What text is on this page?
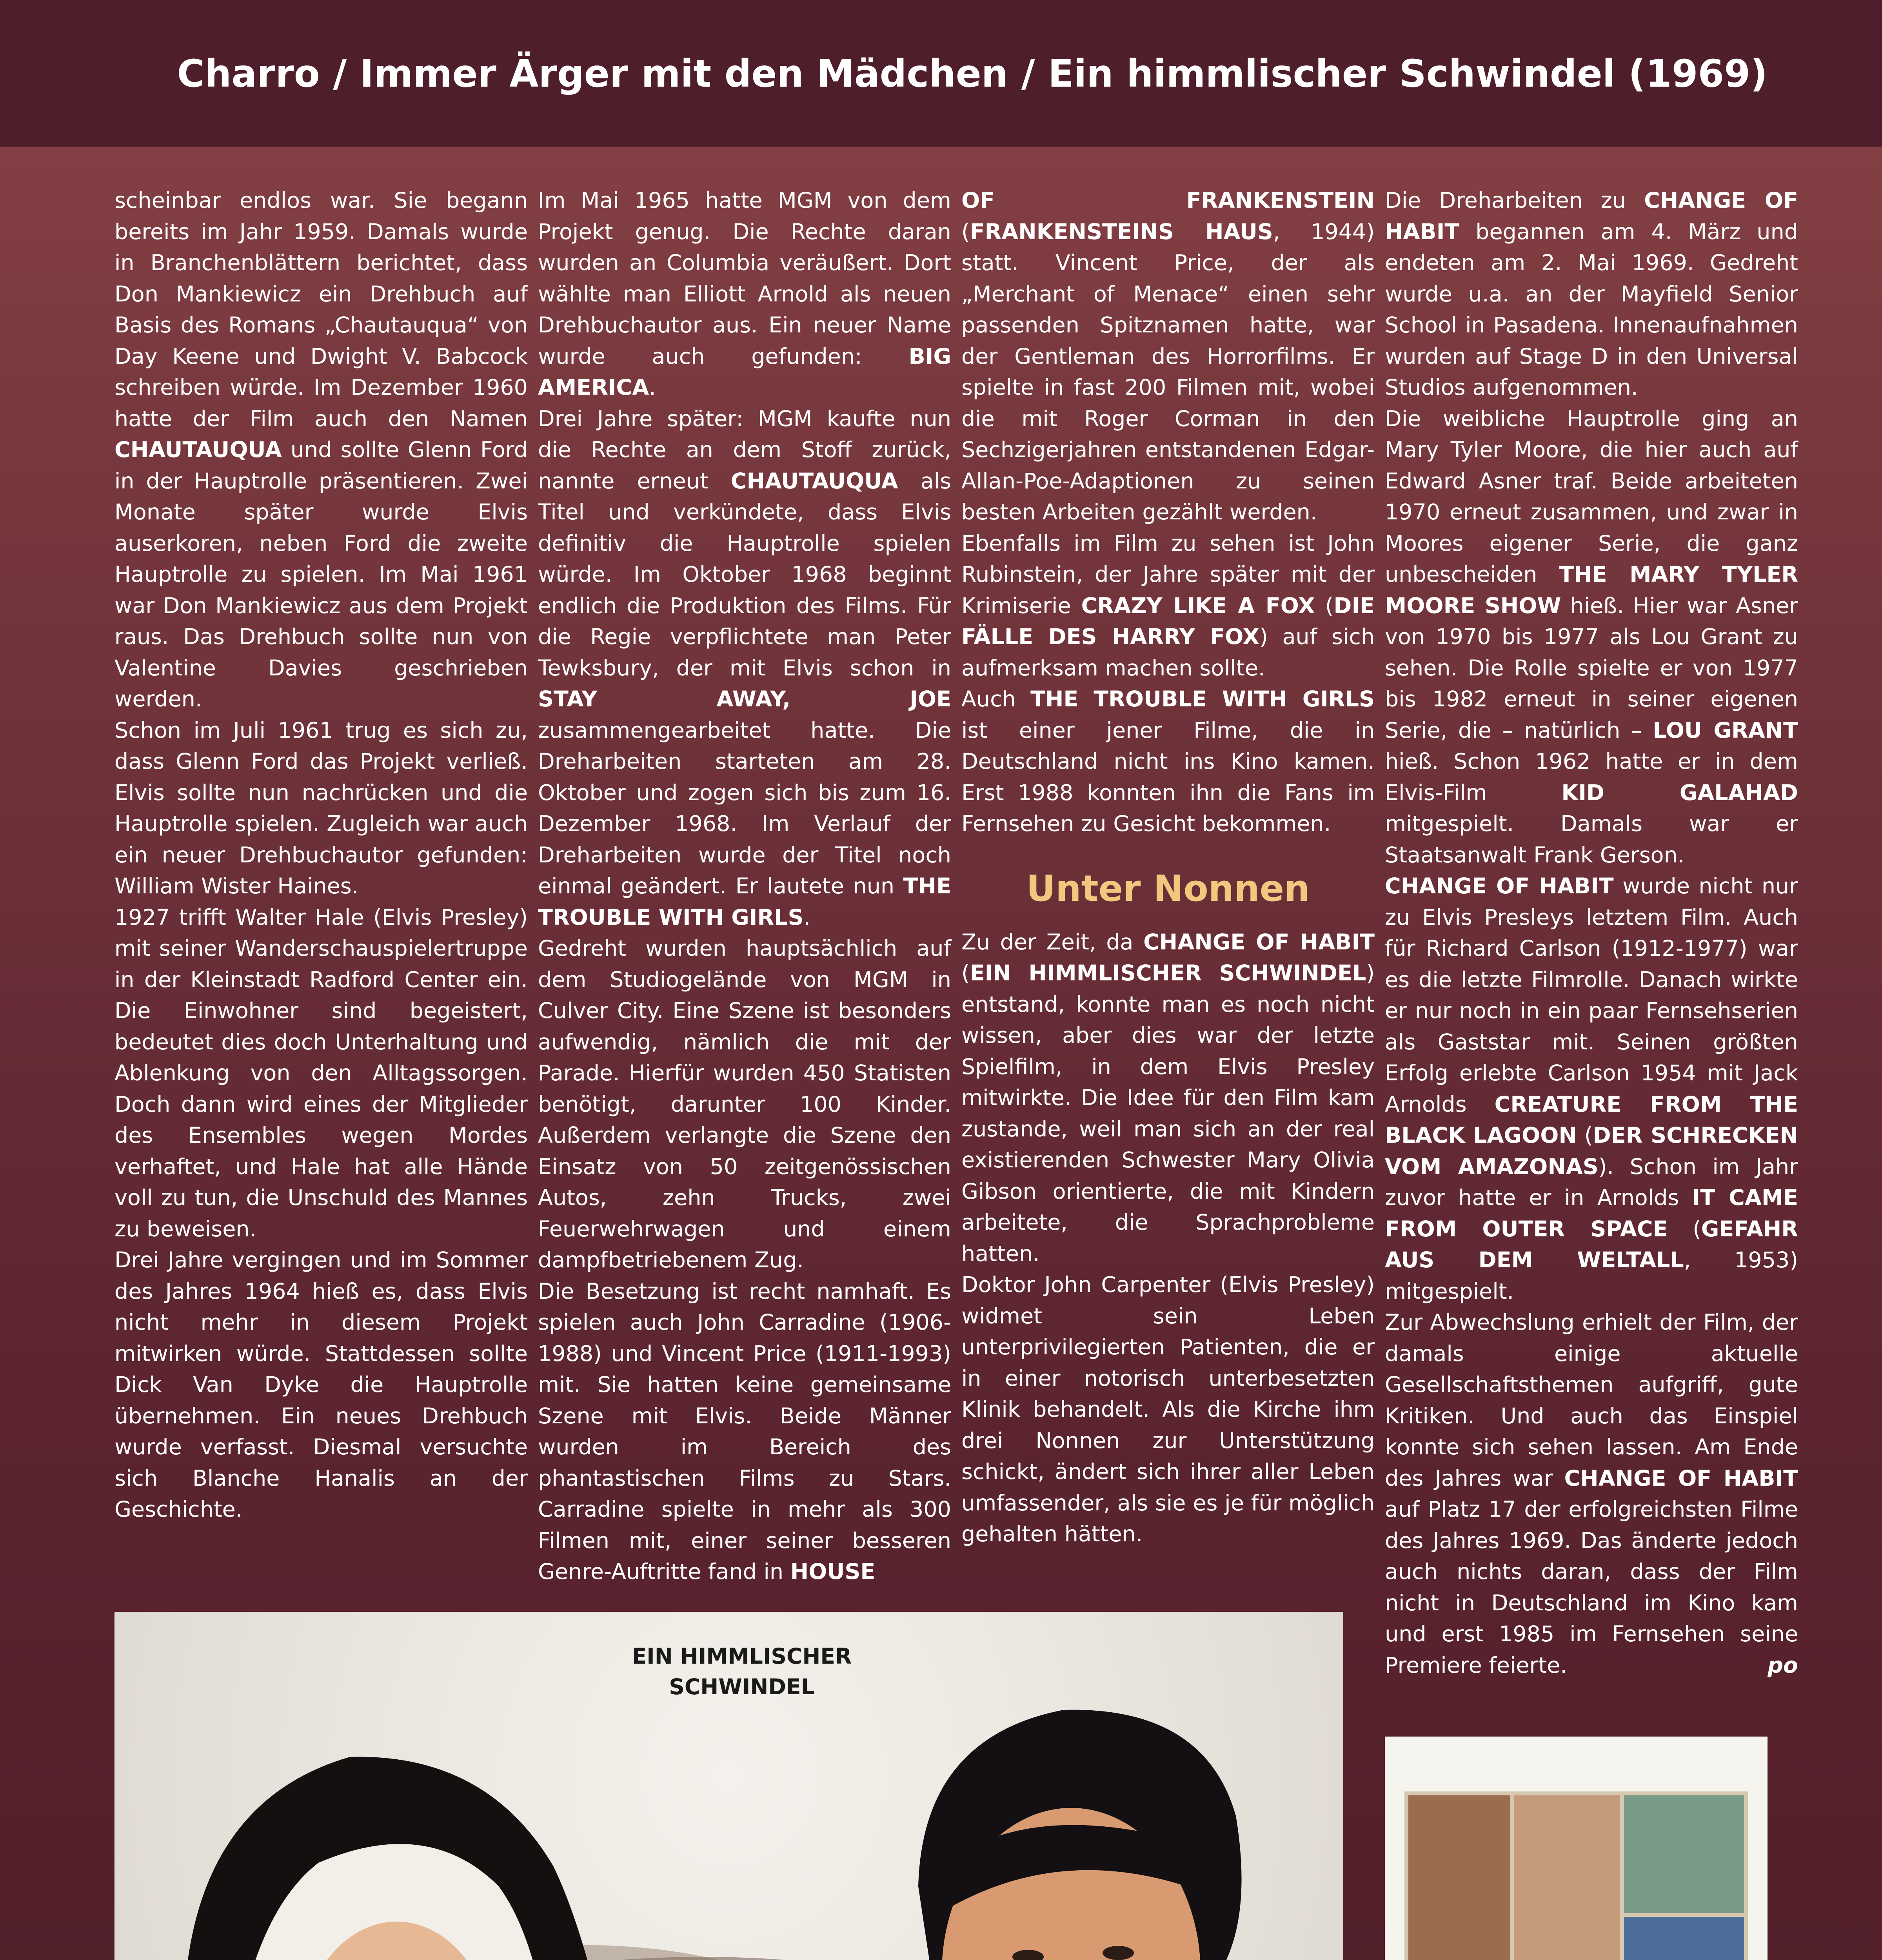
Charro / Immer Ärger mit den Mädchen / Ein himmlischer Schwindel (1969)

scheinbar endlos war. Sie begann bereits im Jahr 1959. Damals wurde in Branchenblättern berichtet, dass Don Mankiewicz ein Drehbuch auf Basis des Romans „Chautauqua“ von Day Keene und Dwight V. Babcock schreiben würde. Im Dezember 1960 hatte der Film auch den Namen CHAUTAUQUA und sollte Glenn Ford in der Hauptrolle präsentieren. Zwei Monate später wurde Elvis auserkoren, neben Ford die zweite Hauptrolle zu spielen. Im Mai 1961 war Don Mankiewicz aus dem Projekt raus. Das Drehbuch sollte nun von Valentine Davies geschrieben werden.

Schon im Juli 1961 trug es sich zu, dass Glenn Ford das Projekt verließ. Elvis sollte nun nachrücken und die Hauptrolle spielen. Zugleich war auch ein neuer Drehbuchautor gefunden: William Wister Haines.

1927 trifft Walter Hale (Elvis Presley) mit seiner Wanderschauspielertruppe in der Kleinstadt Radford Center ein. Die Einwohner sind begeistert, bedeutet dies doch Unterhaltung und Ablenkung von den Alltagssorgen. Doch dann wird eines der Mitglieder des Ensembles wegen Mordes verhaftet, und Hale hat alle Hände voll zu tun, die Unschuld des Mannes zu beweisen.

Drei Jahre vergingen und im Sommer des Jahres 1964 hieß es, dass Elvis nicht mehr in diesem Projekt mitwirken würde. Stattdessen sollte Dick Van Dyke die Hauptrolle übernehmen. Ein neues Drehbuch wurde verfasst. Diesmal versuchte sich Blanche Hanalis an der Geschichte.

Im Mai 1965 hatte MGM von dem Projekt genug. Die Rechte daran wurden an Columbia veräußert. Dort wählte man Elliott Arnold als neuen Drehbuchautor aus. Ein neuer Name wurde auch gefunden: BIG AMERICA.

Drei Jahre später: MGM kaufte nun die Rechte an dem Stoff zurück, nannte erneut CHAUTAUQUA als Titel und verkündete, dass Elvis definitiv die Hauptrolle spielen würde. Im Oktober 1968 beginnt endlich die Produktion des Films. Für die Regie verpflichtete man Peter Tewksbury, der mit Elvis schon in STAY AWAY, JOE zusammengearbeitet hatte. Die Dreharbeiten starteten am 28. Oktober und zogen sich bis zum 16. Dezember 1968. Im Verlauf der Dreharbeiten wurde der Titel noch einmal geändert. Er lautete nun THE TROUBLE WITH GIRLS.

Gedreht wurden hauptsächlich auf dem Studiogelände von MGM in Culver City. Eine Szene ist besonders aufwendig, nämlich die mit der Parade. Hierfür wurden 450 Statisten benötigt, darunter 100 Kinder. Außerdem verlangte die Szene den Einsatz von 50 zeitgenössischen Autos, zehn Trucks, zwei Feuerwehrwagen und einem dampfbetriebenem Zug.

Die Besetzung ist recht namhaft. Es spielen auch John Carradine (1906-1988) und Vincent Price (1911-1993) mit. Sie hatten keine gemeinsame Szene mit Elvis. Beide Männer wurden im Bereich des phantastischen Films zu Stars. Carradine spielte in mehr als 300 Filmen mit, einer seiner besseren Genre-Auftritte fand in HOUSE

OF FRANKENSTEIN (FRANKENSTEINS HAUS, 1944) statt. Vincent Price, der als „Merchant of Menace“ einen sehr passenden Spitznamen hatte, war der Gentleman des Horrorfilms. Er spielte in fast 200 Filmen mit, wobei die mit Roger Corman in den Sechzigerjahren entstandenen Edgar-Allan-Poe-Adaptionen zu seinen besten Arbeiten gezählt werden.

Ebenfalls im Film zu sehen ist John Rubinstein, der Jahre später mit der Krimiserie CRAZY LIKE A FOX (DIE FÄLLE DES HARRY FOX) auf sich aufmerksam machen sollte.

Auch THE TROUBLE WITH GIRLS ist einer jener Filme, die in Deutschland nicht ins Kino kamen. Erst 1988 konnten ihn die Fans im Fernsehen zu Gesicht bekommen.

Unter Nonnen

Zu der Zeit, da CHANGE OF HABIT (EIN HIMMLISCHER SCHWINDEL) entstand, konnte man es noch nicht wissen, aber dies war der letzte Spielfilm, in dem Elvis Presley mitwirkte. Die Idee für den Film kam zustande, weil man sich an der real existierenden Schwester Mary Olivia Gibson orientierte, die mit Kindern arbeitete, die Sprachprobleme hatten.

Doktor John Carpenter (Elvis Presley) widmet sein Leben unterprivilegierten Patienten, die er in einer notorisch unterbesetzten Klinik behandelt. Als die Kirche ihm drei Nonnen zur Unterstützung schickt, ändert sich ihrer aller Leben umfassender, als sie es je für möglich gehalten hätten.

Die Dreharbeiten zu CHANGE OF HABIT begannen am 4. März und endeten am 2. Mai 1969. Gedreht wurde u.a. an der Mayfield Senior School in Pasadena. Innenaufnahmen wurden auf Stage D in den Universal Studios aufgenommen.

Die weibliche Hauptrolle ging an Mary Tyler Moore, die hier auch auf Edward Asner traf. Beide arbeiteten 1970 erneut zusammen, und zwar in Moores eigener Serie, die ganz unbescheiden THE MARY TYLER MOORE SHOW hieß. Hier war Asner von 1970 bis 1977 als Lou Grant zu sehen. Die Rolle spielte er von 1977 bis 1982 erneut in seiner eigenen Serie, die – natürlich – LOU GRANT hieß. Schon 1962 hatte er in dem Elvis-Film KID GALAHAD mitgespielt. Damals war er Staatsanwalt Frank Gerson.

CHANGE OF HABIT wurde nicht nur zu Elvis Presleys letztem Film. Auch für Richard Carlson (1912-1977) war es die letzte Filmrolle. Danach wirkte er nur noch in ein paar Fernsehserien als Gaststar mit. Seinen größten Erfolg erlebte Carlson 1954 mit Jack Arnolds CREATURE FROM THE BLACK LAGOON (DER SCHRECKEN VOM AMAZONAS). Schon im Jahr zuvor hatte er in Arnolds IT CAME FROM OUTER SPACE (GEFAHR AUS DEM WELTALL, 1953) mitgespielt.

Zur Abwechslung erhielt der Film, der damals einige aktuelle Gesellschaftsthemen aufgriff, gute Kritiken. Und auch das Einspiel konnte sich sehen lassen. Am Ende des Jahres war CHANGE OF HABIT auf Platz 17 der erfolgreichsten Filme des Jahres 1969. Das änderte jedoch auch nichts daran, dass der Film nicht in Deutschland im Kino kam und erst 1985 im Fernsehen seine Premiere feierte.	po

EIN HIMMLISCHER SCHWINDEL
